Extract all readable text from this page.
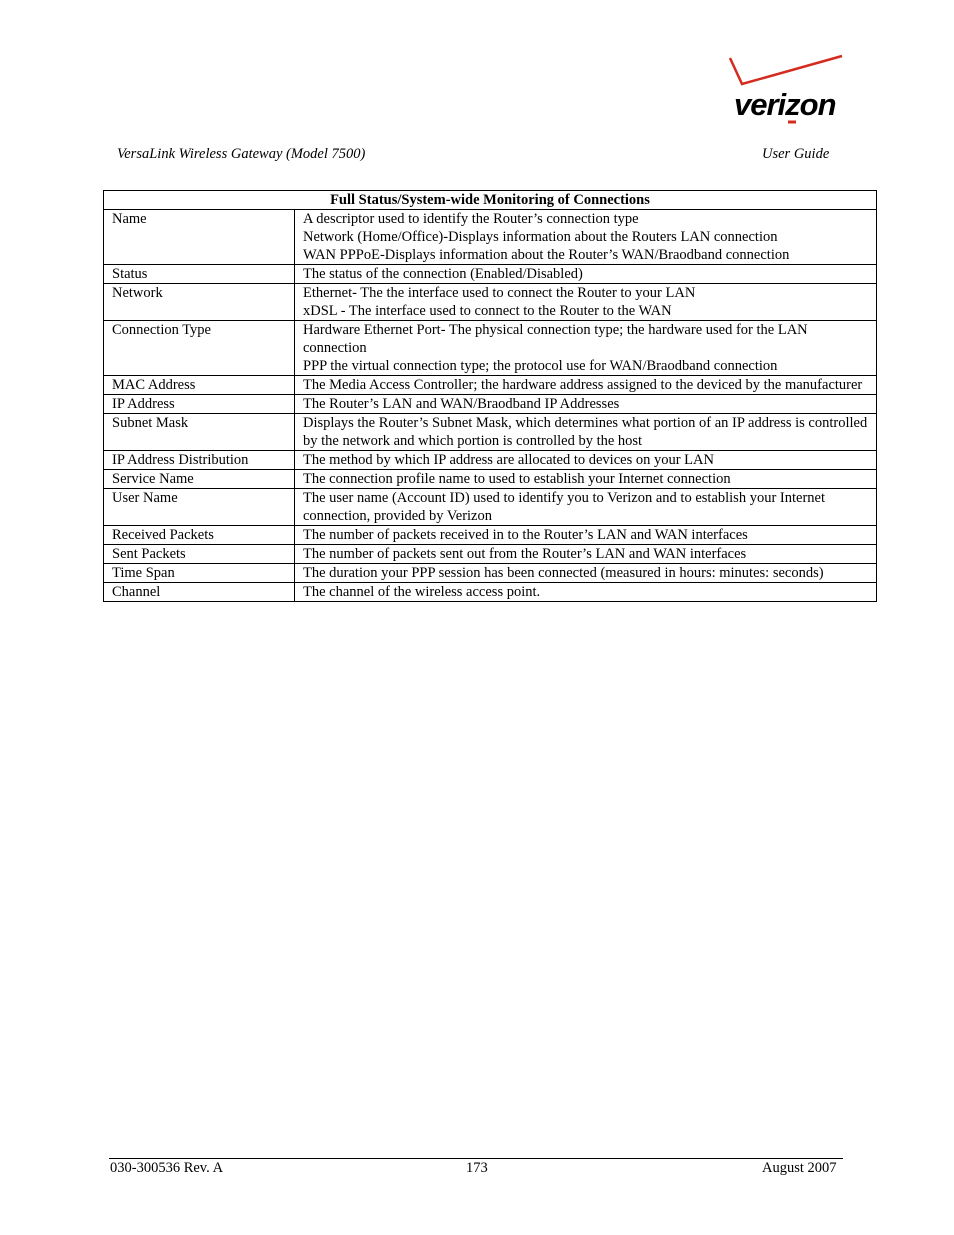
verizon
VersaLink Wireless Gateway (Model 7500)	User Guide
Full Status/System-wide Monitoring of Connections	
Name	A descriptor used to identify the Router’s connection type
Network (Home/Office)-Displays information about the Routers LAN connection
WAN PPPoE-Displays information about the Router’s WAN/Braodband connection

Status	The status of the connection (Enabled/Disabled)

Network	Ethernet- The the interface used to connect the Router to your LAN
xDSL - The interface used to connect to the Router to the WAN

Connection Type	Hardware Ethernet Port- The physical connection type; the hardware used for the LAN connection
PPP the virtual connection type; the protocol use for WAN/Braodband connection

MAC Address	The Media Access Controller; the hardware address assigned to the deviced by the manufacturer

IP Address	The Router’s LAN and WAN/Braodband IP Addresses

Subnet Mask	Displays the Router’s Subnet Mask, which determines what portion of an IP address is controlled by the network and which portion is controlled by the host

IP Address Distribution	The method by which IP address are allocated to devices on your LAN

Service Name	The connection profile name to used to establish your Internet connection

User Name	The user name (Account ID) used to identify you to Verizon and to establish your Internet connection, provided by Verizon

Received Packets	The number of packets received in to the Router’s LAN and WAN interfaces

Sent Packets	The number of packets sent out from the Router’s LAN and WAN interfaces

Time Span	The duration your PPP session has been connected (measured in hours: minutes: seconds)

Channel	The channel of the wireless access point.
030-300536 Rev. A	173	August 2007
